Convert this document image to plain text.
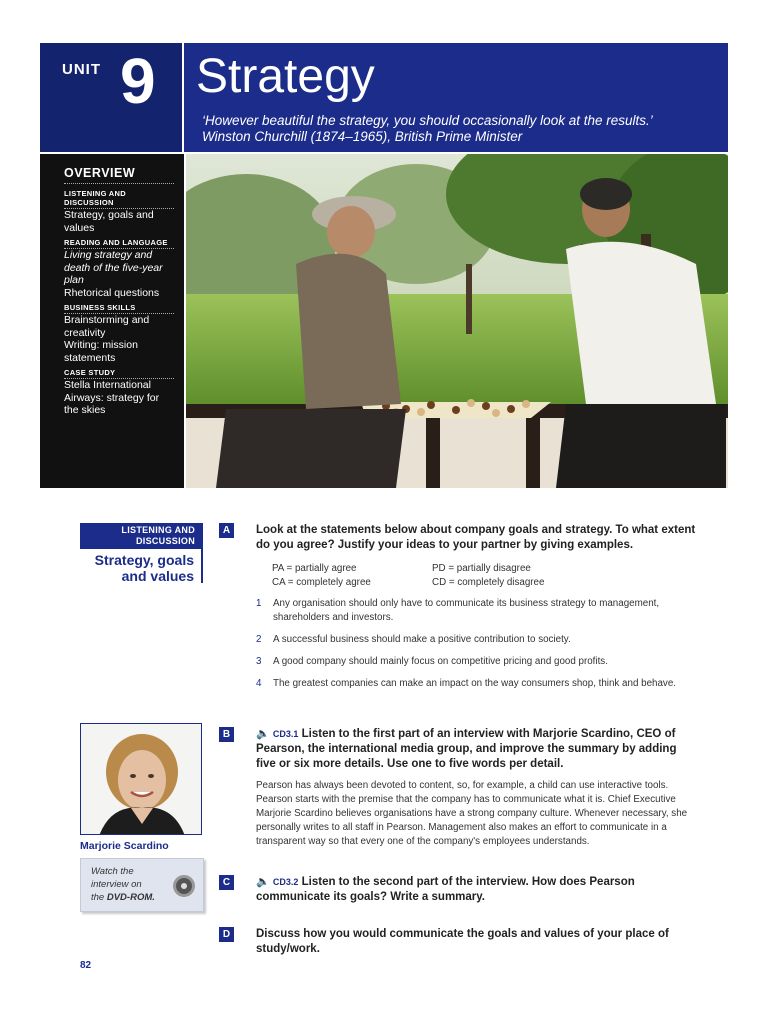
UNIT 9 Strategy
‘However beautiful the strategy, you should occasionally look at the results.’
Winston Churchill (1874–1965), British Prime Minister
OVERVIEW
LISTENING AND DISCUSSION
Strategy, goals and values
READING AND LANGUAGE
Living strategy and death of the five-year plan
Rhetorical questions
BUSINESS SKILLS
Brainstorming and creativity
Writing: mission statements
CASE STUDY
Stella International Airways: strategy for the skies
LISTENING AND
DISCUSSION
Strategy, goals
and values
A	Look at the statements below about company goals and strategy. To what extent do you agree? Justify your ideas to your partner by giving examples.
PA = partially agree	PD = partially disagree
CA = completely agree	CD = completely disagree
1	Any organisation should only have to communicate its business strategy to management, shareholders and investors.
2	A successful business should make a positive contribution to society.
3	A good company should mainly focus on competitive pricing and good profits.
4	The greatest companies can make an impact on the way consumers shop, think and behave.
Marjorie Scardino
Watch the
interview on
the DVD-ROM.
B	🔈 CD3.1 Listen to the first part of an interview with Marjorie Scardino, CEO of Pearson, the international media group, and improve the summary by adding five or six more details. Use one to five words per detail.
Pearson has always been devoted to content, so, for example, a child can use interactive tools. Pearson starts with the premise that the company has to communicate what it is. Chief Executive Marjorie Scardino believes organisations have a strong company culture. Whenever necessary, she personally writes to all staff in Pearson. Management also makes an effort to communicate in a transparent way so that every one of the company's employees understands.
C	🔈 CD3.2 Listen to the second part of the interview. How does Pearson communicate its goals? Write a summary.
D	Discuss how you would communicate the goals and values of your place of study/work.
82
